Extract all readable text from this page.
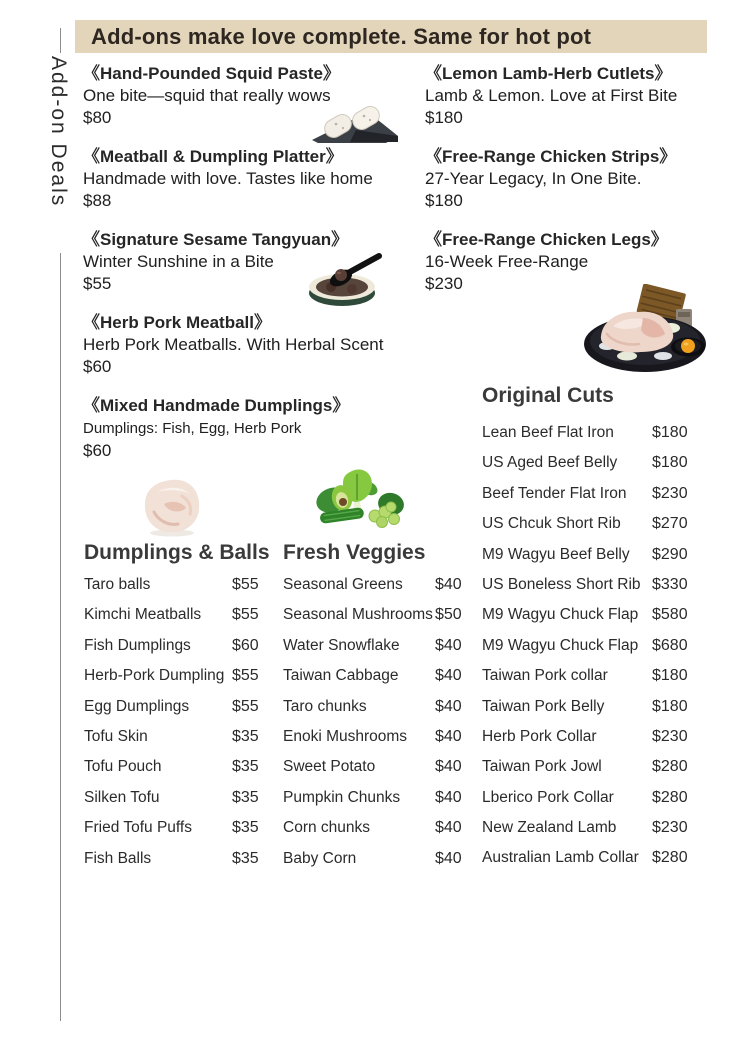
Add-ons make love complete. Same for hot pot
Add-on Deals 《Hand-Pounded Squid Paste》
One bite—squid that really wows
$80
《Meatball & Dumpling Platter》
Handmade with love. Tastes like home
$88
《Signature Sesame Tangyuan》
Winter Sunshine in a Bite
$55
《Herb Pork Meatball》
Herb Pork Meatballs. With Herbal Scent
$60
《Mixed Handmade Dumplings》
Dumplings: Fish, Egg, Herb Pork
$60
《Lemon Lamb-Herb Cutlets》
Lamb & Lemon. Love at First Bite
$180
《Free-Range Chicken Strips》
27-Year Legacy, In One Bite.
$180
《Free-Range Chicken Legs》
16-Week Free-Range
$230
Original Cuts
Lean Beef Flat Iron $180
US Aged Beef Belly $180
Beef Tender Flat Iron $230
US Chcuk Short Rib $270
M9 Wagyu Beef Belly $290
US Boneless Short Rib $330
M9 Wagyu Chuck Flap $580
M9 Wagyu Chuck Flap $680
Taiwan Pork collar	$180
Taiwan Pork Belly	$180
Herb Pork Collar	$230
Taiwan Pork Jowl	$280
Lberico Pork Collar $280
New Zealand Lamb $230
Australian Lamb Collar $280
Dumplings & Balls
Taro balls	$55
Kimchi Meatballs $55
Fish Dumplings	$60
Herb-Pork Dumpling $55
Egg Dumplings	$55
Tofu Skin	$35
Tofu Pouch	$35
Silken Tofu	$35
Fried Tofu Puffs	$35
Fish Balls	$35
Fresh Veggies
Seasonal Greens $40
Seasonal Mushrooms $50
Water Snowflake $40
Taiwan Cabbage $40
Taro chunks	$40
Enoki Mushrooms $40
Sweet Potato	$40
Pumpkin Chunks $40
Corn chunks	$40
Baby Corn	$40
